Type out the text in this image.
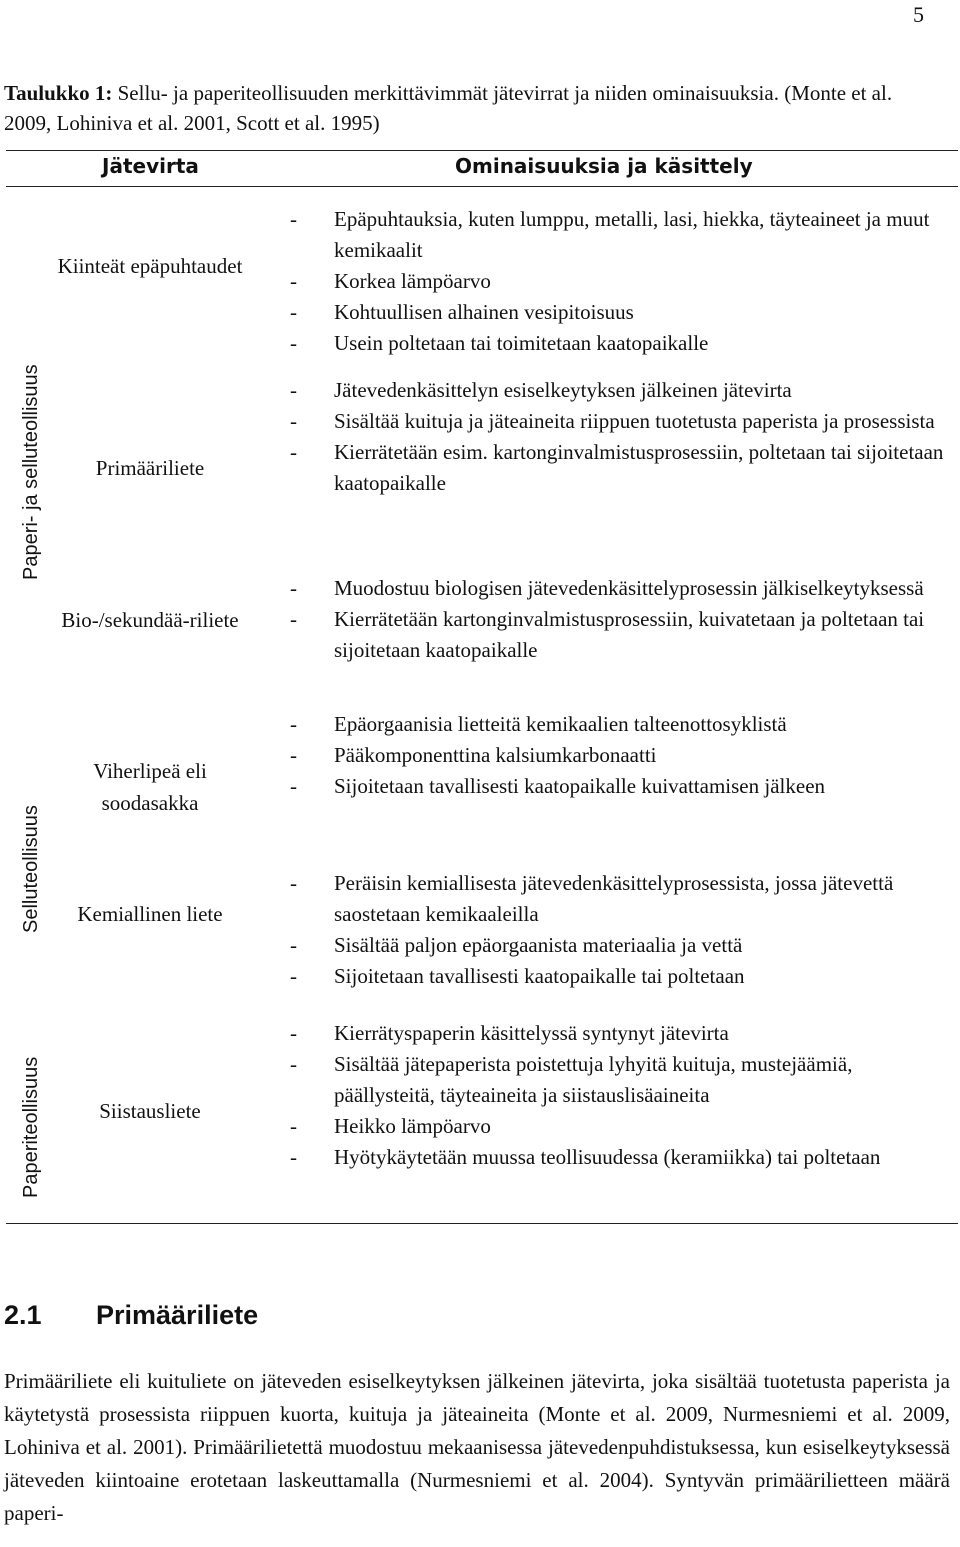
5
Taulukko 1: Sellu- ja paperiteollisuuden merkittävimmät jätevirrat ja niiden ominaisuuksia. (Monte et al. 2009, Lohiniva et al. 2001, Scott et al. 1995)
Jätevirta	Ominaisuuksia ja käsittely
Paperi- ja selluteollisuus
Selluteollisuus
Paperiteollisuus
Kiinteät epäpuhtaudet
- Epäpuhtauksia, kuten lumppu, metalli, lasi, hiekka, täyteaineet ja muut kemikaalit
- Korkea lämpöarvo
- Kohtuullisen alhainen vesipitoisuus
- Usein poltetaan tai toimitetaan kaatopaikalle
Primääriliete
- Jätevedenkäsittelyn esiselkeytyksen jälkeinen jätevirta
- Sisältää kuituja ja jäteaineita riippuen tuotetusta paperista ja prosessista
- Kierrätetään esim. kartonginvalmistusprosessiin, poltetaan tai sijoitetaan kaatopaikalle
Bio-/sekundää-riliete
- Muodostuu biologisen jätevedenkäsittelyprosessin jälkiselkeytyksessä
- Kierrätetään kartonginvalmistusprosessiin, kuivatetaan ja poltetaan tai sijoitetaan kaatopaikalle
Viherlipeä eli soodasakka
- Epäorgaanisia lietteitä kemikaalien talteenottosyklistä
- Pääkomponenttina kalsiumkarbonaatti
- Sijoitetaan tavallisesti kaatopaikalle kuivattamisen jälkeen
Kemiallinen liete
- Peräisin kemiallisesta jätevedenkäsittelyprosessista, jossa jätevettä saostetaan kemikaaleilla
- Sisältää paljon epäorgaanista materiaalia ja vettä
- Sijoitetaan tavallisesti kaatopaikalle tai poltetaan
Siistausliete
- Kierrätyspaperin käsittelyssä syntynyt jätevirta
- Sisältää jätepaperista poistettuja lyhyitä kuituja, mustejäämiä, päällysteitä, täyteaineita ja siistauslisäaineita
- Heikko lämpöarvo
- Hyötykäytetään muussa teollisuudessa (keramiikka) tai poltetaan
2.1 Primääriliete
Primääriliete eli kuituliete on jäteveden esiselkeytyksen jälkeinen jätevirta, joka sisältää tuotetusta paperista ja käytetystä prosessista riippuen kuorta, kuituja ja jäteaineita (Monte et al. 2009, Nurmesniemi et al. 2009, Lohiniva et al. 2001). Primäärilietettä muodostuu mekaanisessa jätevedenpuhdistuksessa, kun esiselkeytyksessä jäteveden kiintoaine erotetaan laskeuttamalla (Nurmesniemi et al. 2004). Syntyvän primäärilietteen määrä paperi-
